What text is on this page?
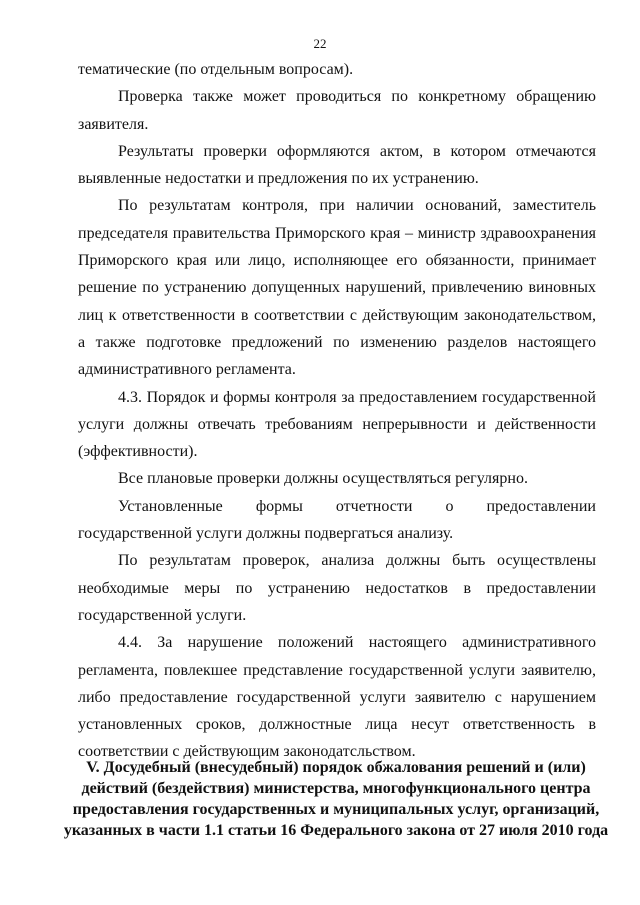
22

тематические (по отдельным вопросам).

Проверка также может проводиться по конкретному обращению заявителя.

Результаты проверки оформляются актом, в котором отмечаются выявленные недостатки и предложения по их устранению.

По результатам контроля, при наличии оснований, заместитель председателя правительства Приморского края – министр здравоохранения Приморского края или лицо, исполняющее его обязанности, принимает решение по устранению допущенных нарушений, привлечению виновных лиц к ответственности в соответствии с действующим законодательством, а также подготовке предложений по изменению разделов настоящего административного регламента.

4.3. Порядок и формы контроля за предоставлением государственной услуги должны отвечать требованиям непрерывности и действенности (эффективности).

Все плановые проверки должны осуществляться регулярно.

Установленные формы отчетности о предоставлении государственной услуги должны подвергаться анализу.

По результатам проверок, анализа должны быть осуществлены необходимые меры по устранению недостатков в предоставлении государственной услуги.

4.4. За нарушение положений настоящего административного регламента, повлекшее представление государственной услуги заявителю, либо предоставление государственной услуги заявителю с нарушением установленных сроков, должностные лица несут ответственность в соответствии с действующим законодатсльством.

V. Досудебный (внесудебный) порядок обжалования решений и (или) действий (бездействия) министерства, многофункционального центра предоставления государственных и муниципальных услуг, организаций, указанных в части 1.1 статьи 16 Федерального закона от 27 июля 2010 года
